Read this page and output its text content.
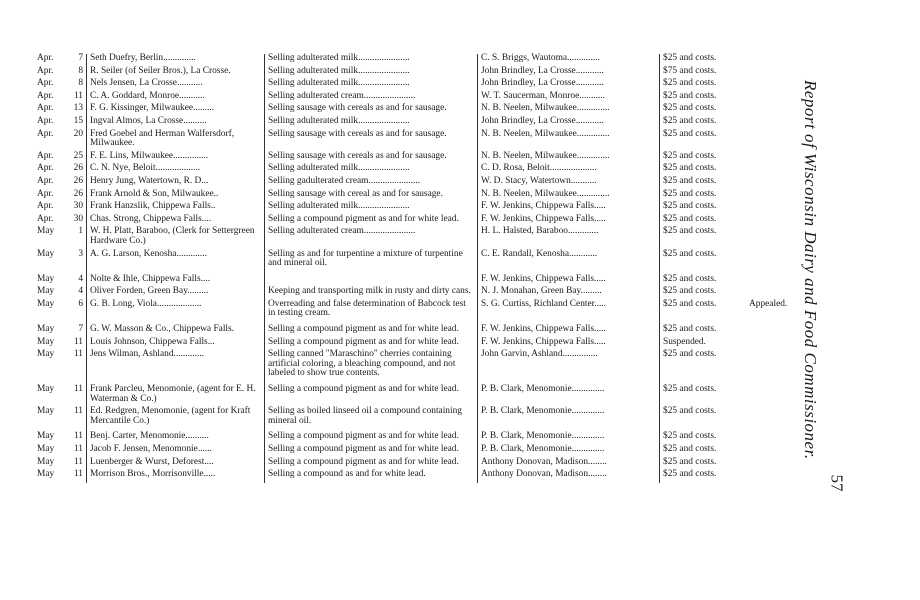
Apr.	7	Seth Duefry, Berlin..............	Selling adulterated milk......................	C. S. Briggs, Wautoma..............	$25 and costs.	
Apr.	8	R. Seiler (of Seiler Bros.), La Crosse.	Selling adulterated milk......................	John Brindley, La Crosse............	$75 and costs.	
Apr.	8	Nels Jensen, La Crosse...........	Selling adulterated milk......................	John Brindley, La Crosse............	$25 and costs.	
Apr.	11	C. A. Goddard, Monroe...........	Selling adulterated cream......................	W. T. Saucerman, Monroe...........	$25 and costs.	
Apr.	13	F. G. Kissinger, Milwaukee.........	Selling sausage with cereals as and for sausage.	N. B. Neelen, Milwaukee..............	$25 and costs.	
Apr.	15	Ingval Almos, La Crosse..........	Selling adulterated milk......................	John Brindley, La Crosse............	$25 and costs.	
Apr.	20	Fred Goebel and Herman Walfersdorf, Milwaukee.	Selling sausage with cereals as and for sausage.	N. B. Neelen, Milwaukee..............	$25 and costs.	
Apr.	25	F. E. Lins, Milwaukee...............	Selling sausage with cereals as and for sausage.	N. B. Neelen, Milwaukee..............	$25 and costs.	
Apr.	26	C. N. Nye, Beloit...................	Selling adulterated milk......................	C. D. Rosa, Beloit....................	$25 and costs.	
Apr.	26	Henry Jung, Watertown, R. D...	Selling gadulterated cream......................	W. D. Stacy, Watertown...........	$25 and costs.	
Apr.	26	Frank Arnold & Son, Milwaukee..	Selling sausage with cereal as and for sausage.	N. B. Neelen, Milwaukee..............	$25 and costs.	
Apr.	30	Frank Hanzslik, Chippewa Falls..	Selling adulterated milk......................	F. W. Jenkins, Chippewa Falls.....	$25 and costs.	
Apr.	30	Chas. Strong, Chippewa Falls....	Selling a compound pigment as and for white lead.	F. W. Jenkins, Chippewa Falls.....	$25 and costs.	
May	1	W. H. Platt, Baraboo, (Clerk for Settergreen Hardware Co.)	Selling adulterated cream......................	H. L. Halsted, Baraboo.............	$25 and costs.	
May	3	A. G. Larson, Kenosha.............	Selling as and for turpentine a mixture of turpentine and mineral oil.	C. E. Randall, Kenosha............	$25 and costs.	
May	4	Nolte & Ihle, Chippewa Falls....		F. W. Jenkins, Chippewa Falls.....	$25 and costs.	
May	4	Oliver Forden, Green Bay.........	Keeping and transporting milk in rusty and dirty cans.	N. J. Monahan, Green Bay.........	$25 and costs.	
May	6	G. B. Long, Viola...................	Overreading and false determination of Babcock test in testing cream.	S. G. Curtiss, Richland Center.....	$25 and costs.	Appealed.
May	7	G. W. Masson & Co., Chippewa Falls.	Selling a compound pigment as and for white lead.	F. W. Jenkins, Chippewa Falls.....	$25 and costs.	
May	11	Louis Johnson, Chippewa Falls...	Selling a compound pigment as and for white lead.	F. W. Jenkins, Chippewa Falls.....	Suspended.	
May	11	Jens Wilman, Ashland.............	Selling canned "Maraschino" cherries containing artificial coloring, a bleaching compound, and not labeled to show true contents.	John Garvin, Ashland...............	$25 and costs.	
May	11	Frank Parcleu, Menomonie, (agent for E. H. Waterman & Co.)	Selling a compound pigment as and for white lead.	P. B. Clark, Menomonie..............	$25 and costs.	
May	11	Ed. Redgren, Menomonie, (agent for Kraft Mercantile Co.)	Selling as boiled linseed oil a compound containing mineral oil.	P. B. Clark, Menomonie..............	$25 and costs.	
May	11	Benj. Carter, Menomonie..........	Selling a compound pigment as and for white lead.	P. B. Clark, Menomonie..............	$25 and costs.	
May	11	Jacob F. Jensen, Menomonie......	Selling a compound pigment as and for white lead.	P. B. Clark, Menomonie..............	$25 and costs.	
May	11	Luenberger & Wurst, Deforest....	Selling a compound pigment as and for white lead.	Anthony Donovan, Madison........	$25 and costs.	
May	11	Morrison Bros., Morrisonville.....	Selling a compound as and for white lead.	Anthony Donovan, Madison........	$25 and costs.	
Report of Wisconsin Dairy and Food Commissioner.
57
